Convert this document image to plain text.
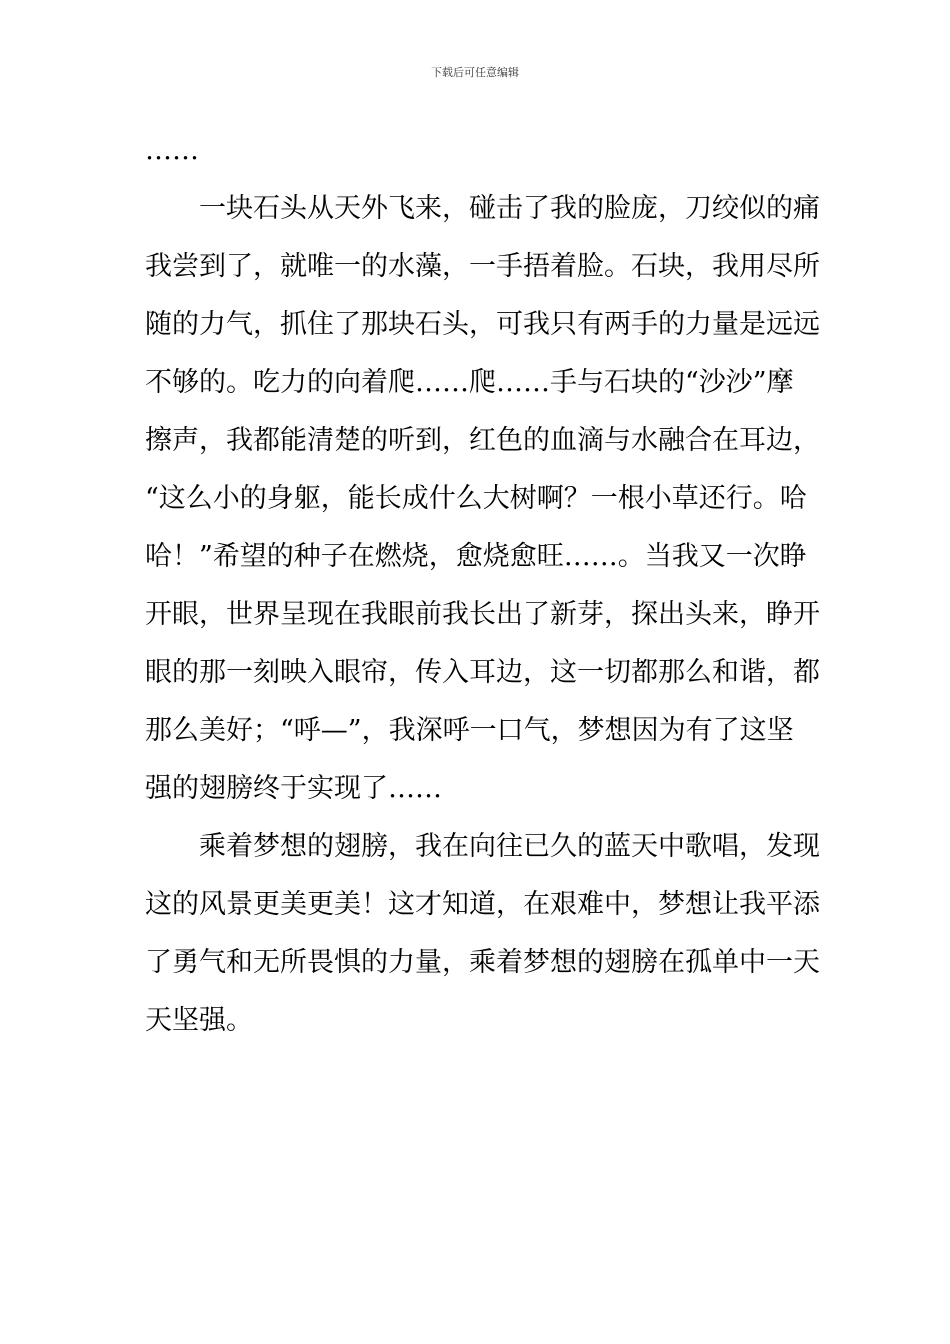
下载后可任意编辑
……
一块石头从天外飞来，碰击了我的脸庞，刀绞似的痛
我尝到了，就唯一的水藻，一手捂着脸。石块，我用尽所
随的力气，抓住了那块石头，可我只有两手的力量是远远
不够的。吃力的向着爬……爬……手与石块的“沙沙”摩
擦声，我都能清楚的听到，红色的血滴与水融合在耳边，
“这么小的身躯，能长成什么大树啊？一根小草还行。哈
哈！”希望的种子在燃烧，愈烧愈旺……。当我又一次睁
开眼，世界呈现在我眼前我长出了新芽，探出头来，睁开
眼的那一刻映入眼帘，传入耳边，这一切都那么和谐，都
那么美好；“呼—”，我深呼一口气，梦想因为有了这坚
强的翅膀终于实现了……
乘着梦想的翅膀，我在向往已久的蓝天中歌唱，发现
这的风景更美更美！这才知道，在艰难中，梦想让我平添
了勇气和无所畏惧的力量，乘着梦想的翅膀在孤单中一天
天坚强。
